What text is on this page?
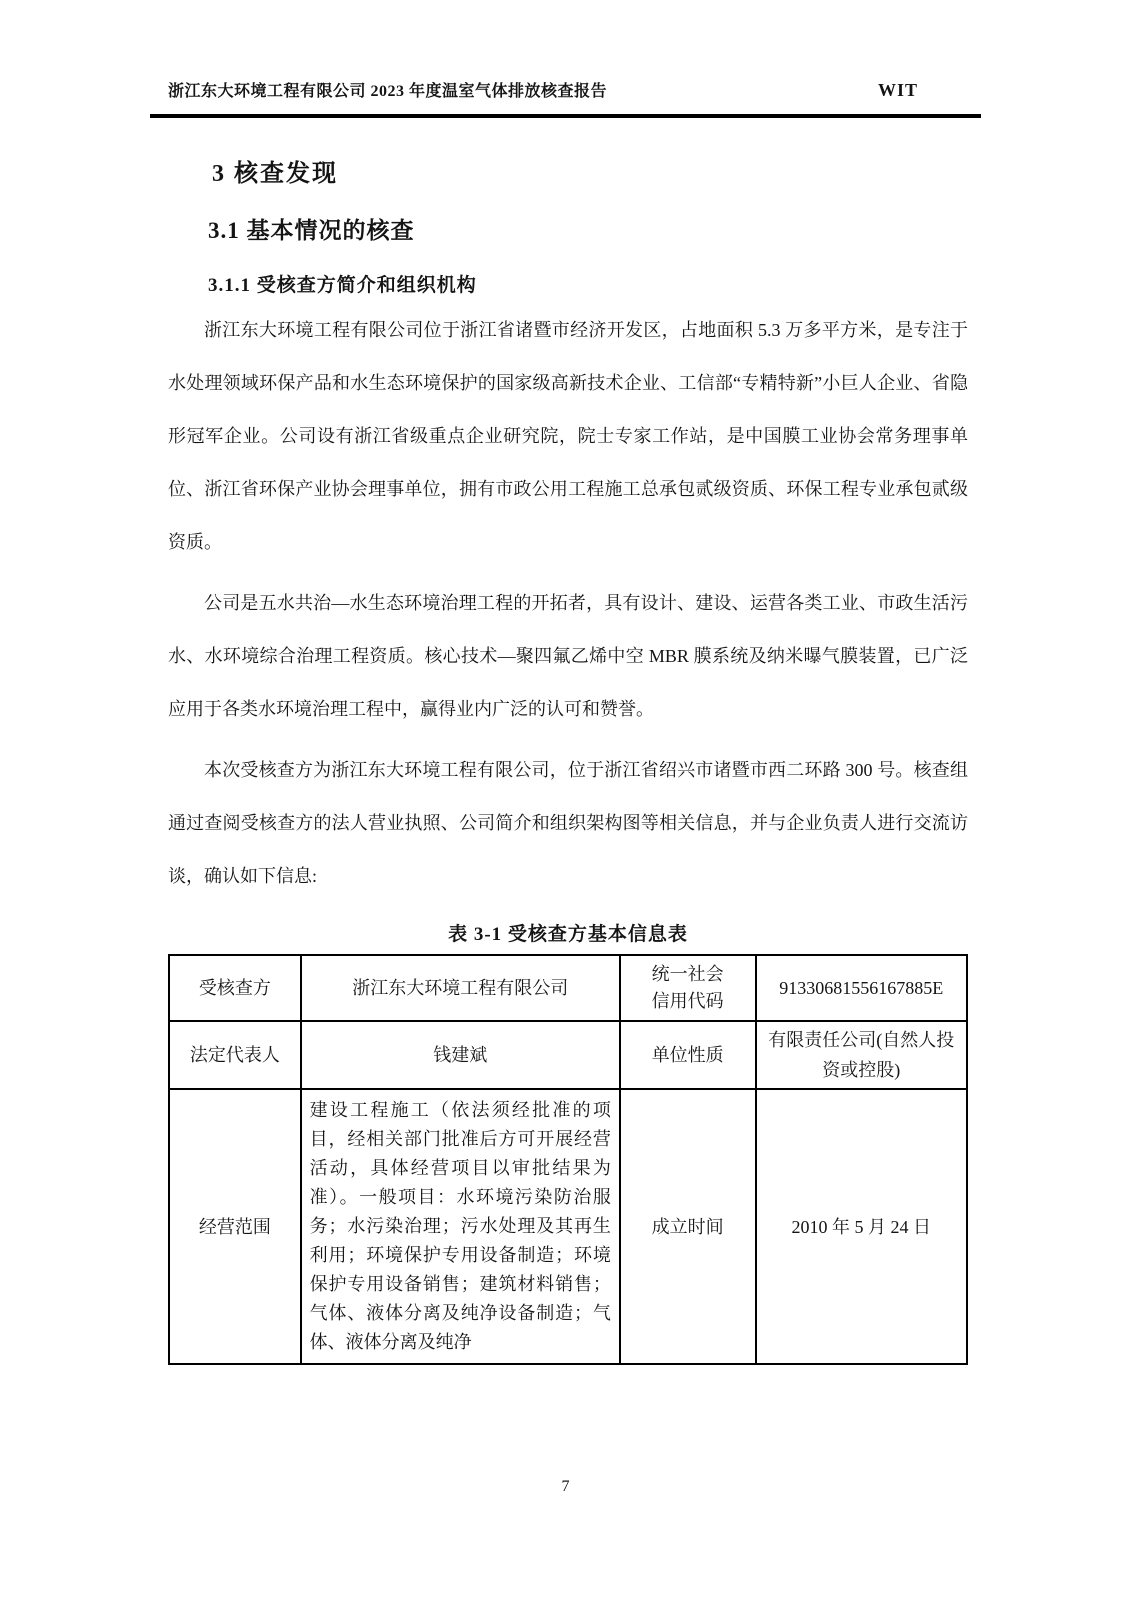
浙江东大环境工程有限公司 2023 年度温室气体排放核查报告	WIT
3 核查发现
3.1 基本情况的核查
3.1.1 受核查方简介和组织机构

浙江东大环境工程有限公司位于浙江省诸暨市经济开发区，占地面积 5.3 万多平方米，是专注于水处理领域环保产品和水生态环境保护的国家级高新技术企业、工信部“专精特新”小巨人企业、省隐形冠军企业。公司设有浙江省级重点企业研究院，院士专家工作站，是中国膜工业协会常务理事单位、浙江省环保产业协会理事单位，拥有市政公用工程施工总承包贰级资质、环保工程专业承包贰级资质。

公司是五水共治—水生态环境治理工程的开拓者，具有设计、建设、运营各类工业、市政生活污水、水环境综合治理工程资质。核心技术—聚四氟乙烯中空 MBR 膜系统及纳米曝气膜装置，已广泛应用于各类水环境治理工程中，赢得业内广泛的认可和赞誉。

本次受核查方为浙江东大环境工程有限公司，位于浙江省绍兴市诸暨市西二环路 300 号。核查组通过查阅受核查方的法人营业执照、公司简介和组织架构图等相关信息，并与企业负责人进行交流访谈，确认如下信息:

表 3-1 受核查方基本信息表
受核查方	浙江东大环境工程有限公司	统一社会信用代码	91330681556167885E
法定代表人	钱建斌	单位性质	有限责任公司(自然人投资或控股)
经营范围	建设工程施工（依法须经批准的项目，经相关部门批准后方可开展经营活动，具体经营项目以审批结果为准）。一般项目：水环境污染防治服务；水污染治理；污水处理及其再生利用；环境保护专用设备制造；环境保护专用设备销售；建筑材料销售；气体、液体分离及纯净设备制造；气体、液体分离及纯净	成立时间	2010 年 5 月 24 日
7
